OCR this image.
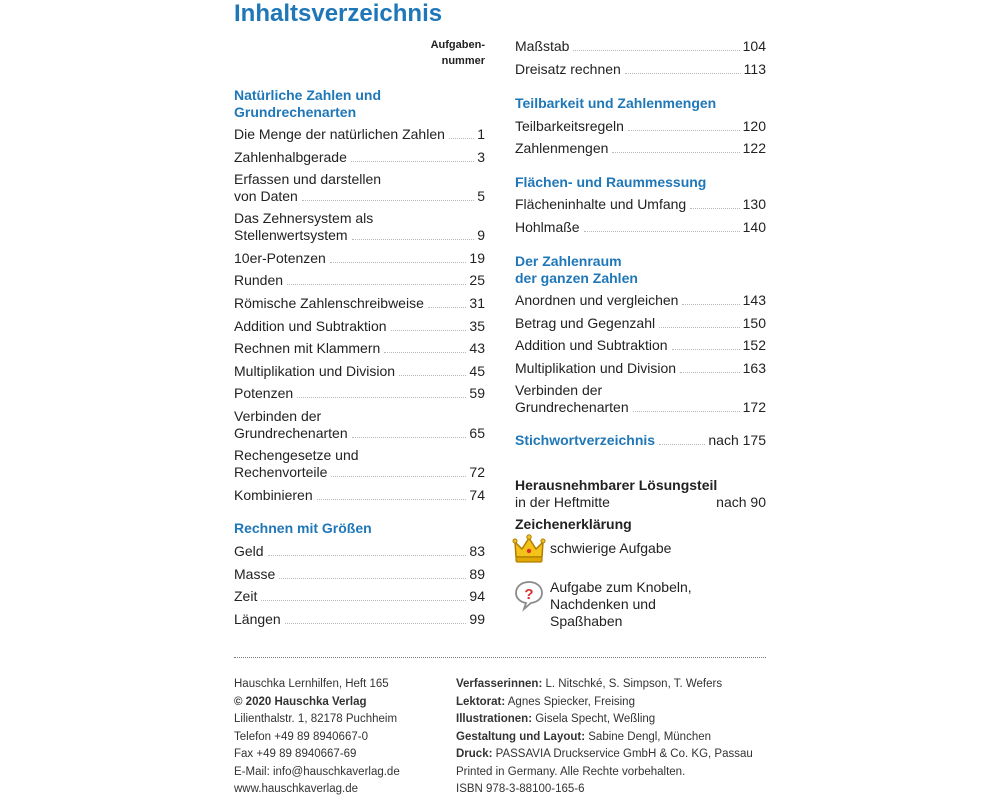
Inhaltsverzeichnis
Aufgaben-
nummer
Natürliche Zahlen und
Grundrechenarten
Die Menge der natürlichen Zahlen 1
Zahlenhalbgerade	3
Erfassen und darstellen
von Daten	5
Das Zehnersystem als
Stellenwertsystem	9
10er-Potenzen	19
Runden	25
Römische Zahlenschreibweise	31
Addition und Subtraktion	35
Rechnen mit Klammern	43
Multiplikation und Division	45
Potenzen	59
Verbinden der
Grundrechenarten	65
Rechengesetze und
Rechenvorteile	72
Kombinieren	74
Rechnen mit Größen
Geld	83
Masse	89
Zeit	94
Längen	99
Maßstab	104
Dreisatz rechnen	113
Teilbarkeit und Zahlenmengen
Teilbarkeitsregeln	120
Zahlenmengen	122
Flächen- und Raummessung
Flächeninhalte und Umfang	130
Hohlmaße	140
Der Zahlenraum
der ganzen Zahlen
Anordnen und vergleichen	143
Betrag und Gegenzahl	150
Addition und Subtraktion	152
Multiplikation und Division	163
Verbinden der
Grundrechenarten	172
Stichwortverzeichnis	nach 175
Herausnehmbarer Lösungsteil
in der Heftmitte	nach 90
Zeichenerklärung
schwierige Aufgabe
? Aufgabe zum Knobeln,
Nachdenken und
Spaßhaben
Hauschka Lernhilfen, Heft 165
© 2020 Hauschka Verlag
Lilienthalstr. 1, 82178 Puchheim
Telefon +49 89 8940667-0
Fax +49 89 8940667-69
E-Mail: info@hauschkaverlag.de
www.hauschkaverlag.de
Verfasserinnen: L. Nitschké, S. Simpson, T. Wefers
Lektorat: Agnes Spiecker, Freising
Illustrationen: Gisela Specht, Weßling
Gestaltung und Layout: Sabine Dengl, München
Druck: PASSAVIA Druckservice GmbH & Co. KG, Passau
Printed in Germany. Alle Rechte vorbehalten.
ISBN 978-3-88100-165-6
